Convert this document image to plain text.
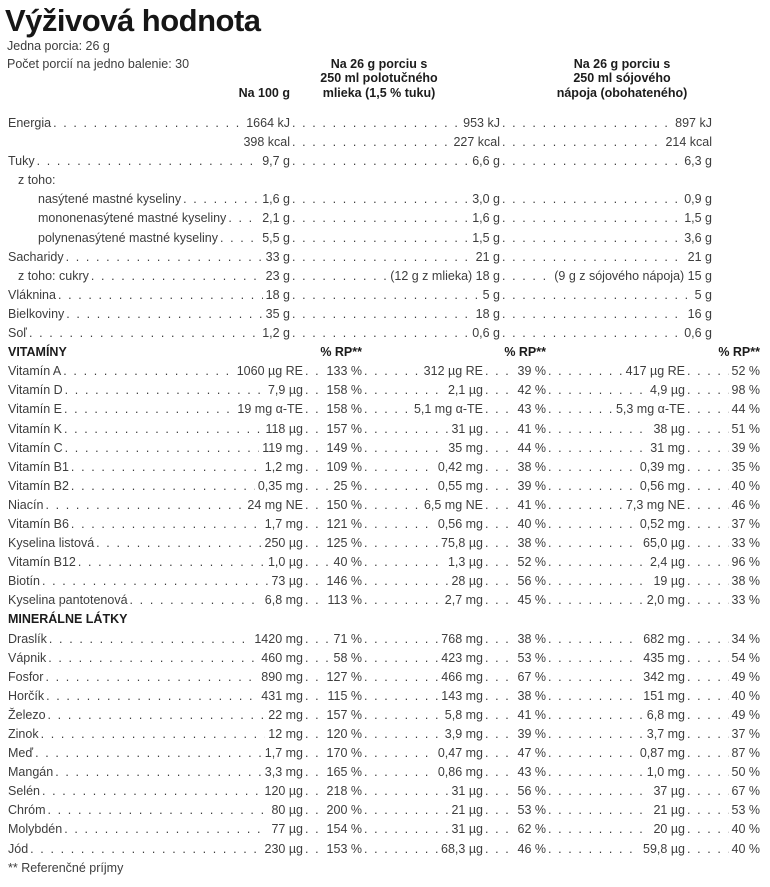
Výživová hodnota
Jedna porcia: 26 g
Počet porcií na jedno balenie: 30
Na 100 g
Na 26 g porciu s
250 ml polotučného
mlieka (1,5 % tuku)
Na 26 g porciu s
250 ml sójového
nápoja (obohateného)
Energia . . .	1664 kJ . . .	953 kJ . . .	897 kJ
398 kcal . . .	227 kcal . . .	214 kcal
Tuky . . .	9,7 g . . .	6,6 g . . .	6,3 g
z toho:
nasýtené mastné kyseliny . . .	1,6 g . . .	3,0 g . . .	0,9 g
mononenasýtené mastné kyseliny . . .	2,1 g . . .	1,6 g . . .	1,5 g
polynenasýtené mastné kyseliny . . .	5,5 g . . .	1,5 g . . .	3,6 g
Sacharidy . . .	33 g . . .	21 g . . .	21 g
z toho: cukry . . .	23 g . . .	(12 g z mlieka) 18 g . . .	(9 g z sójového nápoja) 15 g
Vláknina . . .	18 g . . .	5 g . . .	5 g
Bielkoviny . . .	35 g . . .	18 g . . .	16 g
Soľ . . .	1,2 g . . .	0,6 g . . .	0,6 g
VITAMÍNY	% RP**	% RP**	% RP**
Vitamín A . . .	1060 µg RE . . . 133 % . . .	312 µg RE . . .	39 % . . .	417 µg RE . . .	52 %
Vitamín D . . .	7,9 µg . . . 158 % . . .	2,1 µg . . .	42 % . . .	4,9 µg . . .	98 %
Vitamín E . . .	19 mg α-TE . . . 158 % . . .	5,1 mg α-TE . . .	43 % . . .	5,3 mg α-TE . . .	44 %
Vitamín K . . .	118 µg . . . 157 % . . .	31 µg . . .	41 % . . .	38 µg . . .	51 %
Vitamín C . . .	119 mg . . . 149 % . . .	35 mg . . .	44 % . . .	31 mg . . .	39 %
Vitamín B1 . . .	1,2 mg . . . 109 % . . .	0,42 mg . . .	38 % . . .	0,39 mg . . .	35 %
Vitamín B2 . . .	0,35 mg . . . 25 % . . .	0,55 mg . . .	39 % . . .	0,56 mg . . .	40 %
Niacín . . .	24 mg NE . . . 150 % . . .	6,5 mg NE . . .	41 % . . .	7,3 mg NE . . .	46 %
Vitamín B6 . . .	1,7 mg . . . 121 % . . .	0,56 mg . . .	40 % . . .	0,52 mg . . .	37 %
Kyselina listová . . .	250 µg . . . 125 % . . .	75,8 µg . . .	38 % . . .	65,0 µg . . .	33 %
Vitamín B12 . . .	1,0 µg . . . 40 % . . .	1,3 µg . . .	52 % . . .	2,4 µg . . .	96 %
Biotín . . .	73 µg . . . 146 % . . .	28 µg . . .	56 % . . .	19 µg . . .	38 %
Kyselina pantotenová . . .	6,8 mg . . . 113 % . . .	2,7 mg . . .	45 % . . .	2,0 mg . . .	33 %
MINERÁLNE LÁTKY
Draslík . . .	1420 mg . . . 71 % . . .	768 mg . . .	38 % . . .	682 mg . . .	34 %
Vápnik . . .	460 mg . . . 58 % . . .	423 mg . . .	53 % . . .	435 mg . . .	54 %
Fosfor . . .	890 mg . . . 127 % . . .	466 mg . . .	67 % . . .	342 mg . . .	49 %
Horčík . . .	431 mg . . . 115 % . . .	143 mg . . .	38 % . . .	151 mg . . .	40 %
Železo . . .	22 mg . . . 157 % . . .	5,8 mg . . .	41 % . . .	6,8 mg . . .	49 %
Zinok . . .	12 mg . . . 120 % . . .	3,9 mg . . .	39 % . . .	3,7 mg . . .	37 %
Meď . . .	1,7 mg . . . 170 % . . .	0,47 mg . . .	47 % . . .	0,87 mg . . .	87 %
Mangán . . .	3,3 mg . . . 165 % . . .	0,86 mg . . .	43 % . . .	1,0 mg . . .	50 %
Selén . . .	120 µg . . . 218 % . . .	31 µg . . .	56 % . . .	37 µg . . .	67 %
Chróm . . .	80 µg . . . 200 % . . .	21 µg . . .	53 % . . .	21 µg . . .	53 %
Molybdén . . .	77 µg . . . 154 % . . .	31 µg . . .	62 % . . .	20 µg . . .	40 %
Jód . . .	230 µg . . . 153 % . . .	68,3 µg . . .	46 % . . .	59,8 µg . . .	40 %
** Referenčné príjmy
